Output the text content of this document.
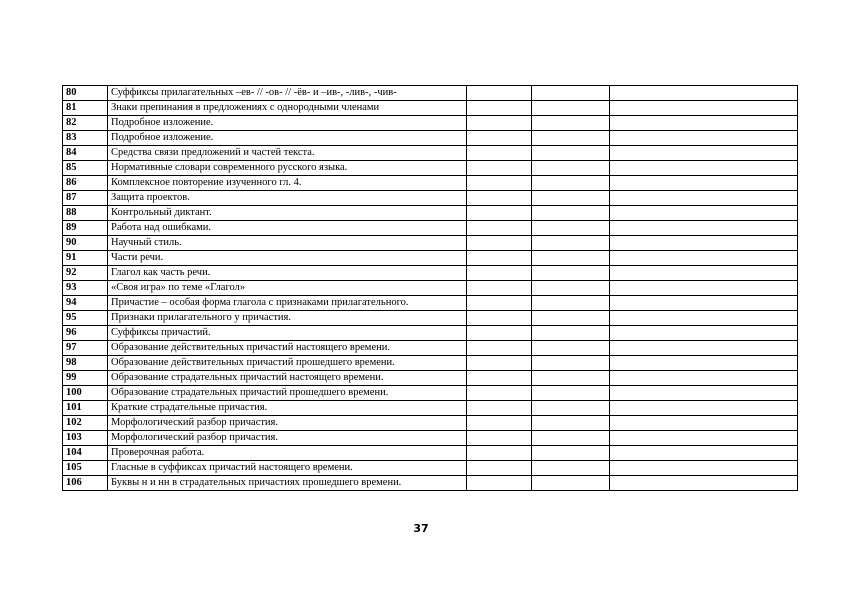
80	Суффиксы прилагательных –ев- // -ов- // -ёв- и –ив-, -лив-, -чив-			
81	Знаки препинания в предложениях с однородными членами			
82	Подробное изложение.			
83	Подробное изложение.			
84	Средства связи предложений и частей текста.			
85	Нормативные словари современного русского языка.			
86	Комплексное повторение изученного гл. 4.			
87	Защита проектов.			
88	Контрольный диктант.			
89	Работа над ошибками.			
90	Научный стиль.			
91	Части речи.			
92	Глагол как часть речи.			
93	«Своя игра» по теме «Глагол»			
94	Причастие – особая форма глагола с признаками прилагательного.			
95	Признаки прилагательного у причастия.			
96	Суффиксы причастий.			
97	Образование действительных причастий настоящего времени.			
98	Образование действительных причастий прошедшего времени.			
99	Образование страдательных причастий настоящего времени.			
100	Образование страдательных причастий прошедшего времени.			
101	Краткие страдательные причастия.			
102	Морфологический разбор причастия.			
103	Морфологический разбор причастия.			
104	Проверочная работа.			
105	Гласные в суффиксах причастий настоящего времени.			
106	Буквы н и нн в страдательных причастиях прошедшего времени.			
37
